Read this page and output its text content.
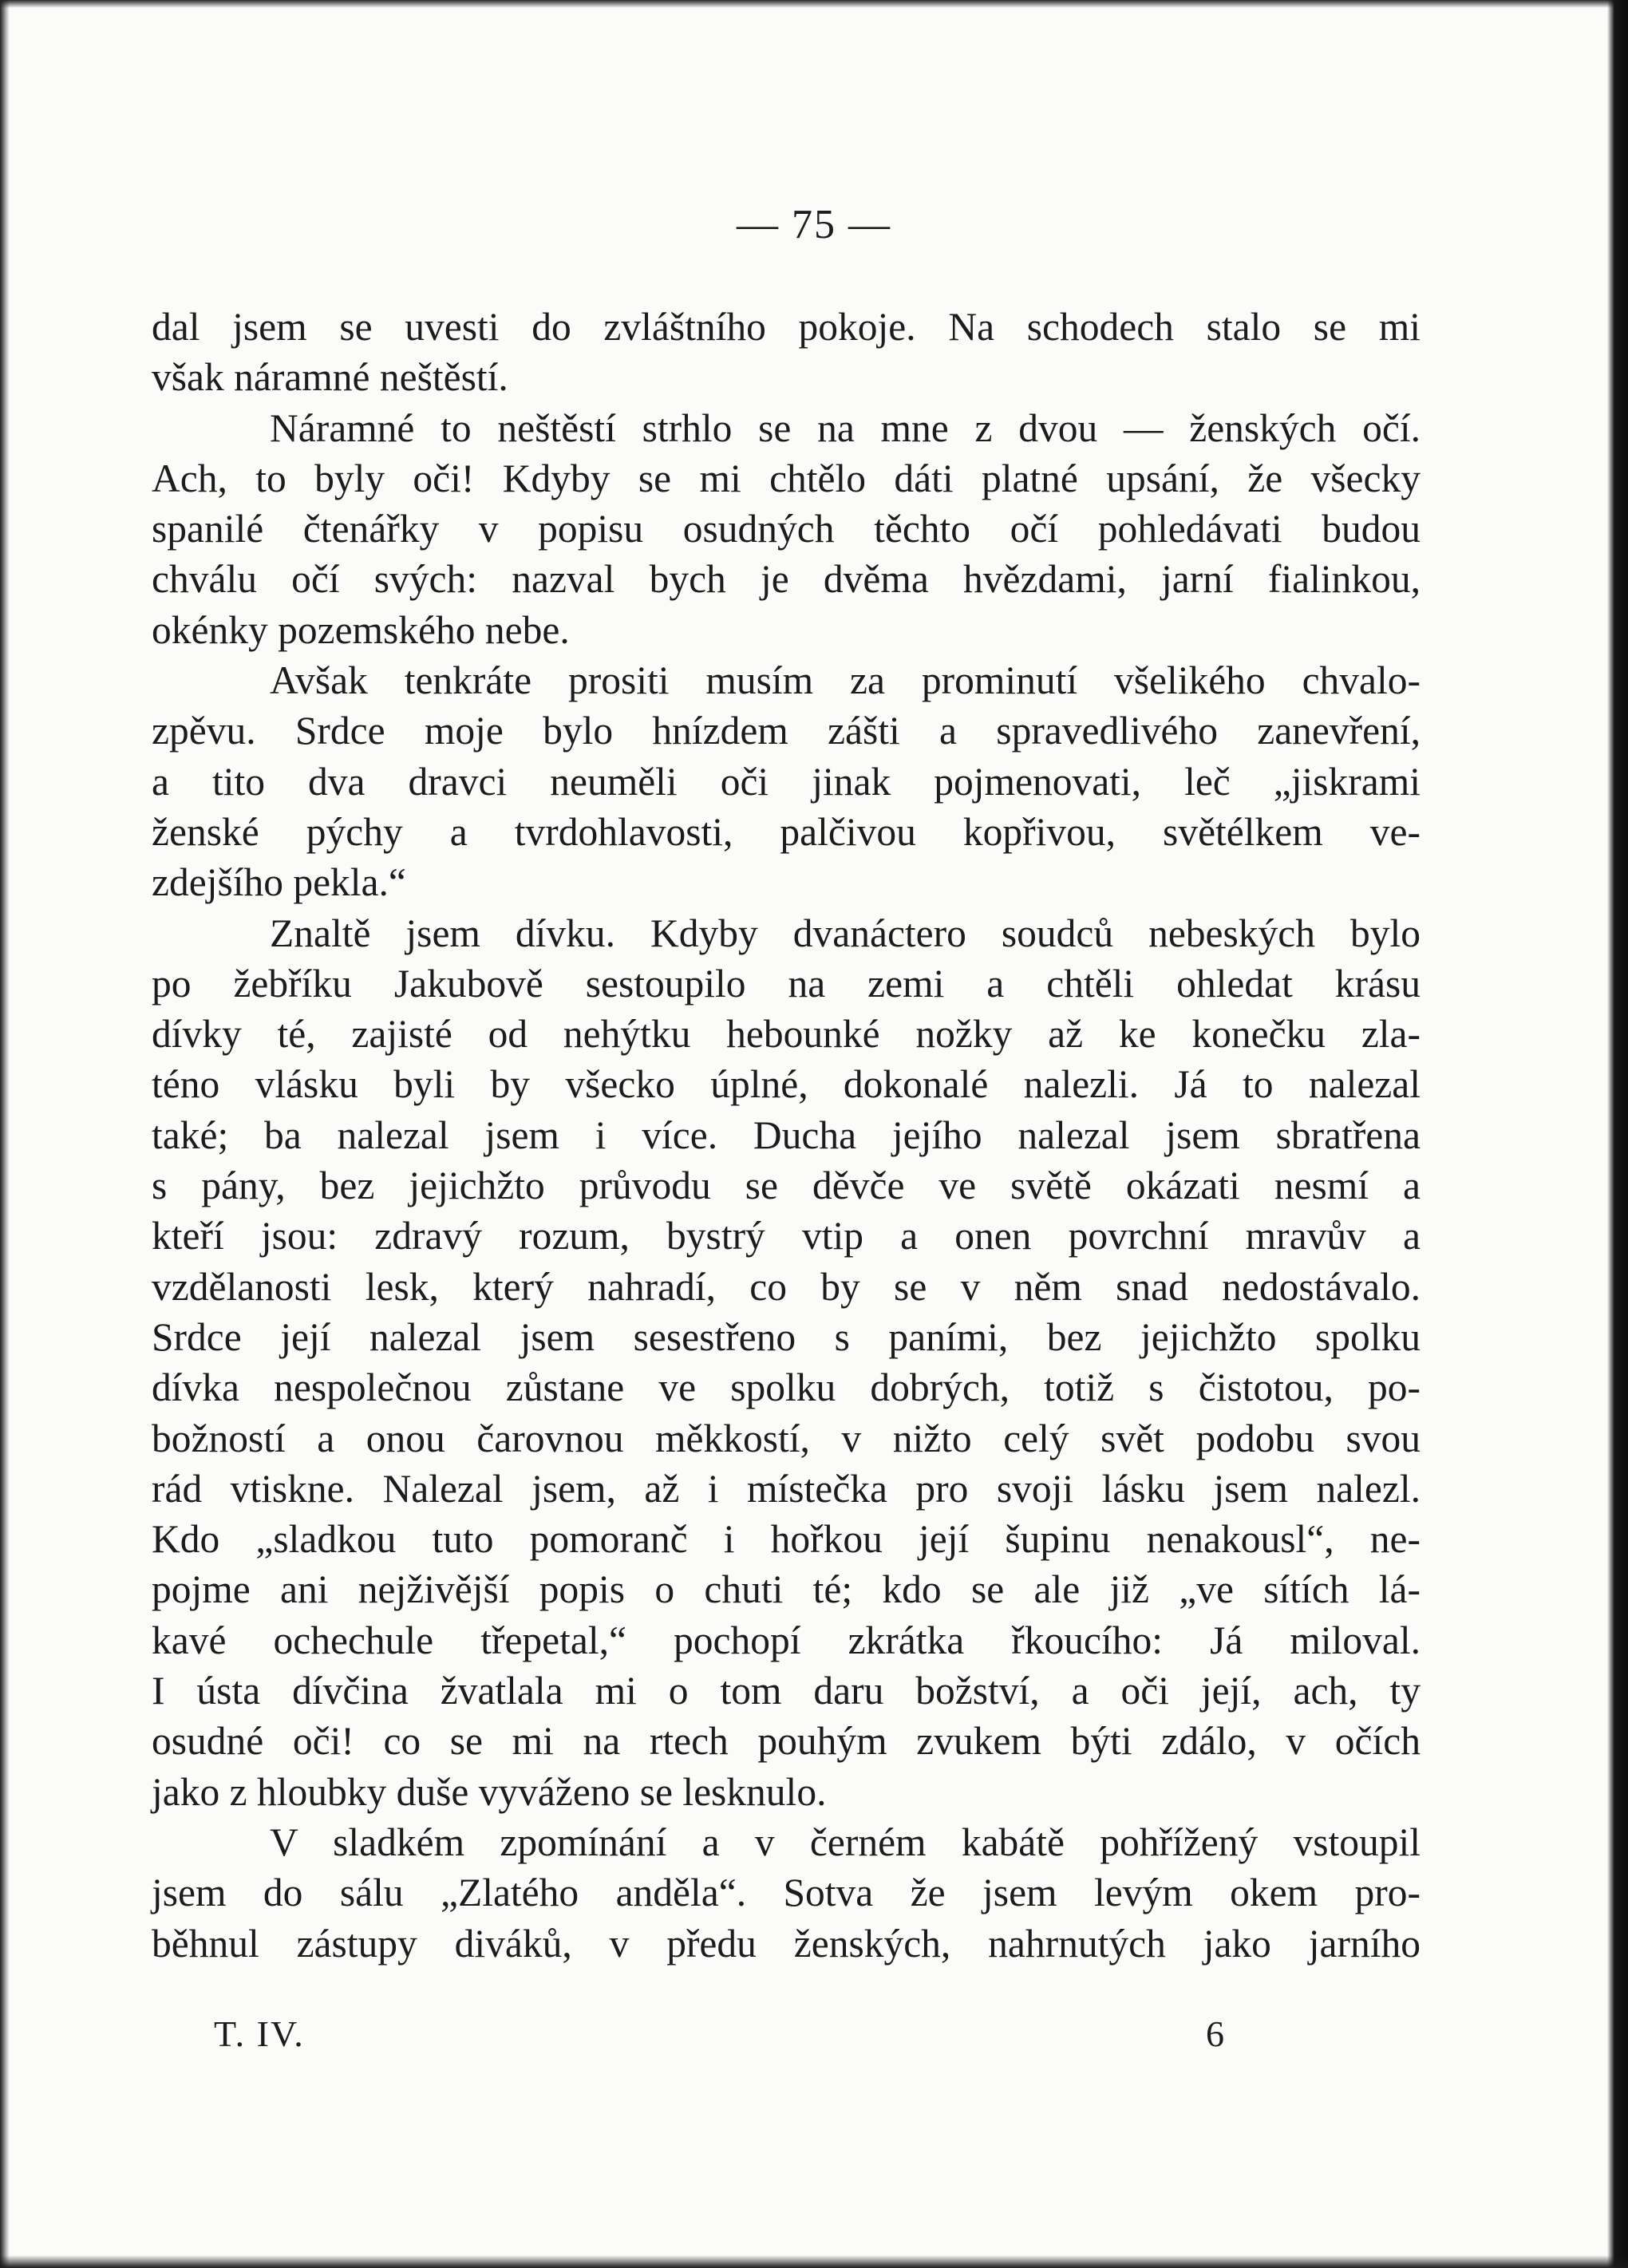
— 75 —
dal jsem se uvesti do zvláštního pokoje. Na schodech stalo se mi
však náramné neštěstí.
Náramné to neštěstí strhlo se na mne z dvou — ženských očí.
Ach, to byly oči! Kdyby se mi chtělo dáti platné upsání, že všecky
spanilé čtenářky v popisu osudných těchto očí pohledávati budou
chválu očí svých: nazval bych je dvěma hvězdami, jarní fialinkou,
okénky pozemského nebe.
Avšak tenkráte prositi musím za prominutí všelikého chvalo-
zpěvu. Srdce moje bylo hnízdem zášti a spravedlivého zanevření,
a tito dva dravci neuměli oči jinak pojmenovati, leč „jiskrami
ženské pýchy a tvrdohlavosti, palčivou kopřivou, světélkem ve-
zdejšího pekla.“
Znaltě jsem dívku. Kdyby dvanáctero soudců nebeských bylo
po žebříku Jakubově sestoupilo na zemi a chtěli ohledat krásu
dívky té, zajisté od nehýtku hebounké nožky až ke konečku zla-
téno vlásku byli by všecko úplné, dokonalé nalezli. Já to nalezal
také; ba nalezal jsem i více. Ducha jejího nalezal jsem sbratřena
s pány, bez jejichžto průvodu se děvče ve světě okázati nesmí a
kteří jsou: zdravý rozum, bystrý vtip a onen povrchní mravův a
vzdělanosti lesk, který nahradí, co by se v něm snad nedostávalo.
Srdce její nalezal jsem sesestřeno s paními, bez jejichžto spolku
dívka nespolečnou zůstane ve spolku dobrých, totiž s čistotou, po-
božností a onou čarovnou měkkostí, v nižto celý svět podobu svou
rád vtiskne. Nalezal jsem, až i místečka pro svoji lásku jsem nalezl.
Kdo „sladkou tuto pomoranč i hořkou její šupinu nenakousl“, ne-
pojme ani nejživější popis o chuti té; kdo se ale již „ve sítích lá-
kavé ochechule třepetal,“ pochopí zkrátka řkoucího: Já miloval.
I ústa dívčina žvatlala mi o tom daru božství, a oči její, ach, ty
osudné oči! co se mi na rtech pouhým zvukem býti zdálo, v očích
jako z hloubky duše vyváženo se lesknulo.
V sladkém zpomínání a v černém kabátě pohřížený vstoupil
jsem do sálu „Zlatého anděla“. Sotva že jsem levým okem pro-
běhnul zástupy diváků, v předu ženských, nahrnutých jako jarního
T. IV.	6
